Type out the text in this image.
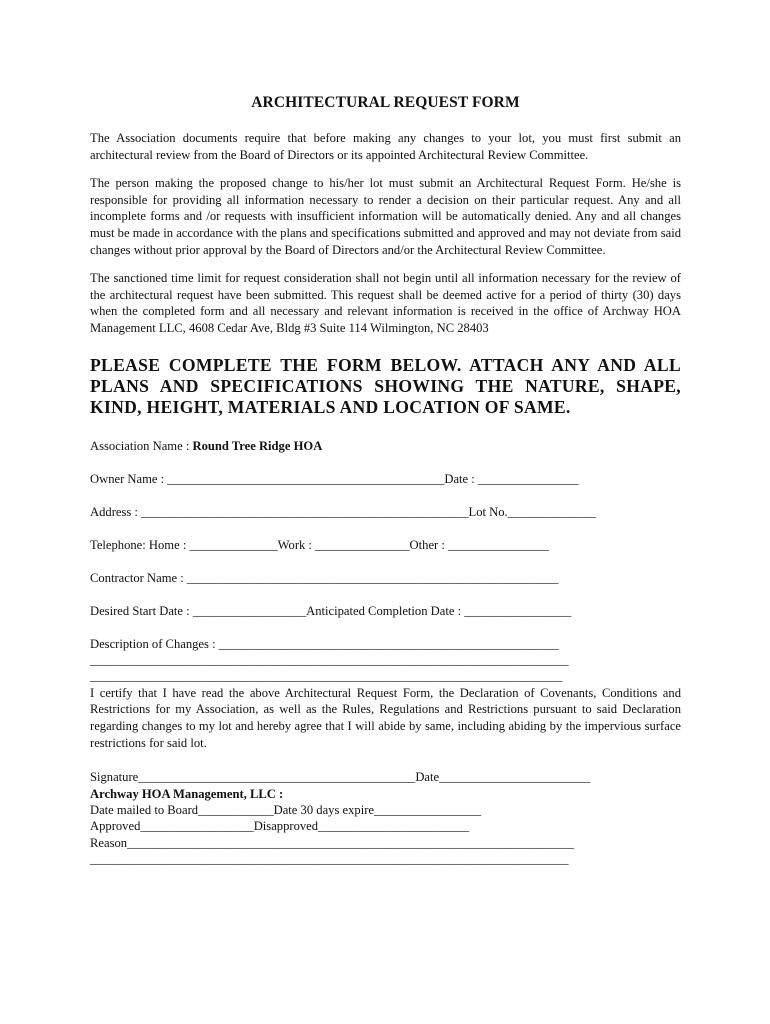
ARCHITECTURAL REQUEST FORM

The Association documents require that before making any changes to your lot, you must first submit an architectural review from the Board of Directors or its appointed Architectural Review Committee.

The person making the proposed change to his/her lot must submit an Architectural Request Form. He/she is responsible for providing all information necessary to render a decision on their particular request. Any and all incomplete forms and /or requests with insufficient information will be automatically denied. Any and all changes must be made in accordance with the plans and specifications submitted and approved and may not deviate from said changes without prior approval by the Board of Directors and/or the Architectural Review Committee.

The sanctioned time limit for request consideration shall not begin until all information necessary for the review of the architectural request have been submitted. This request shall be deemed active for a period of thirty (30) days when the completed form and all necessary and relevant information is received in the office of Archway HOA Management LLC, 4608 Cedar Ave, Bldg #3 Suite 114 Wilmington, NC 28403

PLEASE COMPLETE THE FORM BELOW. ATTACH ANY AND ALL PLANS AND SPECIFICATIONS SHOWING THE NATURE, SHAPE, KIND, HEIGHT, MATERIALS AND LOCATION OF SAME.
Association Name : Round Tree Ridge HOA
Owner Name : ____________________________________________Date : ________________
Address : ____________________________________________________Lot No.______________
Telephone: Home : ______________Work : _______________Other : ________________
Contractor Name : ___________________________________________________________
Desired Start Date : __________________Anticipated Completion Date : _________________
Description of Changes : ______________________________________________________
____________________________________________________________________________
___________________________________________________________________________

I certify that I have read the above Architectural Request Form, the Declaration of Covenants, Conditions and Restrictions for my Association, as well as the Rules, Regulations and Restrictions pursuant to said Declaration regarding changes to my lot and hereby agree that I will abide by same, including abiding by the impervious surface restrictions for said lot.

Signature____________________________________________Date________________________
Archway HOA Management, LLC :
Date mailed to Board____________Date 30 days expire_________________
Approved__________________Disapproved________________________
Reason_______________________________________________________________________
____________________________________________________________________________
